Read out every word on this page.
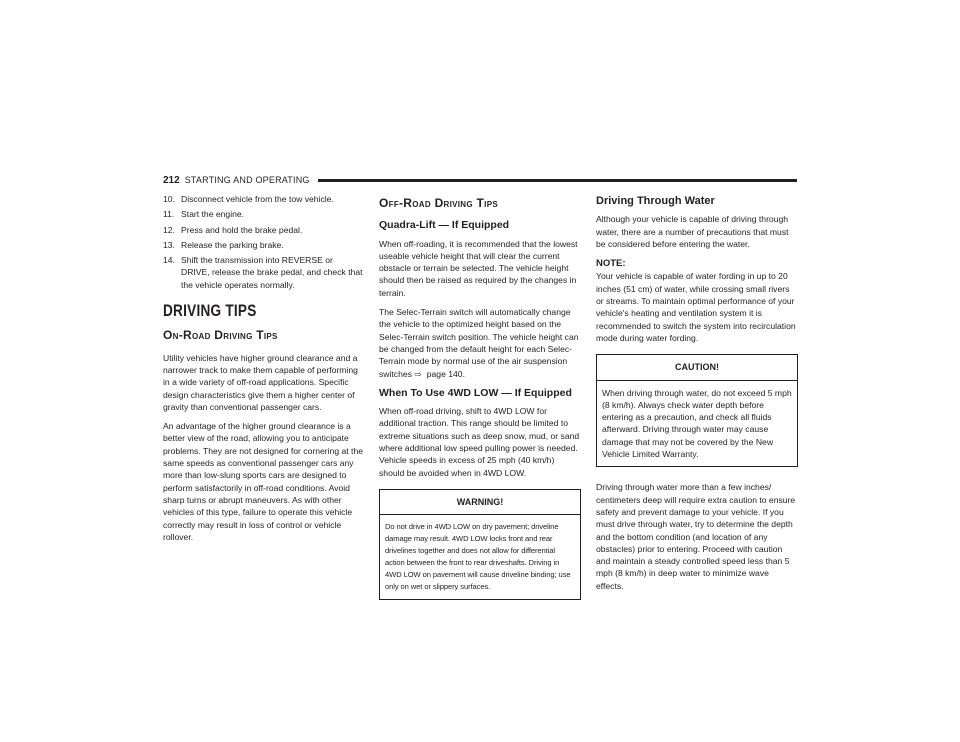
212 STARTING AND OPERATING
10. Disconnect vehicle from the tow vehicle.
11. Start the engine.
12. Press and hold the brake pedal.
13. Release the parking brake.
14. Shift the transmission into REVERSE or DRIVE, release the brake pedal, and check that the vehicle operates normally.
DRIVING TIPS
On-Road Driving Tips

Utility vehicles have higher ground clearance and a narrower track to make them capable of performing in a wide variety of off-road applications. Specific design characteristics give them a higher center of gravity than conventional passenger cars.

An advantage of the higher ground clearance is a better view of the road, allowing you to anticipate problems. They are not designed for cornering at the same speeds as conventional passenger cars any more than low-slung sports cars are designed to perform satisfactorily in off-road conditions. Avoid sharp turns or abrupt maneuvers. As with other vehicles of this type, failure to operate this vehicle correctly may result in loss of control or vehicle rollover.

Off-Road Driving Tips
Quadra-Lift — If Equipped

When off-roading, it is recommended that the lowest useable vehicle height that will clear the current obstacle or terrain be selected. The vehicle height should then be raised as required by the changes in terrain.

The Selec-Terrain switch will automatically change the vehicle to the optimized height based on the Selec-Terrain switch position. The vehicle height can be changed from the default height for each Selec-Terrain mode by normal use of the air suspension switches ⇨ page 140.

When To Use 4WD LOW — If Equipped

When off-road driving, shift to 4WD LOW for additional traction. This range should be limited to extreme situations such as deep snow, mud, or sand where additional low speed pulling power is needed. Vehicle speeds in excess of 25 mph (40 km/h) should be avoided when in 4WD LOW.

WARNING!
Do not drive in 4WD LOW on dry pavement; driveline damage may result. 4WD LOW locks front and rear drivelines together and does not allow for differential action between the front to rear driveshafts. Driving in 4WD LOW on pavement will cause driveline binding; use only on wet or slippery surfaces.
Driving Through Water

Although your vehicle is capable of driving through water, there are a number of precautions that must be considered before entering the water.

NOTE:

Your vehicle is capable of water fording in up to 20 inches (51 cm) of water, while crossing small rivers or streams. To maintain optimal performance of your vehicle's heating and ventilation system it is recommended to switch the system into recirculation mode during water fording.

CAUTION!
When driving through water, do not exceed 5 mph (8 km/h). Always check water depth before entering as a precaution, and check all fluids afterward. Driving through water may cause damage that may not be covered by the New Vehicle Limited Warranty.

Driving through water more than a few inches/ centimeters deep will require extra caution to ensure safety and prevent damage to your vehicle. If you must drive through water, try to determine the depth and the bottom condition (and location of any obstacles) prior to entering. Proceed with caution and maintain a steady controlled speed less than 5 mph (8 km/h) in deep water to minimize wave effects.
